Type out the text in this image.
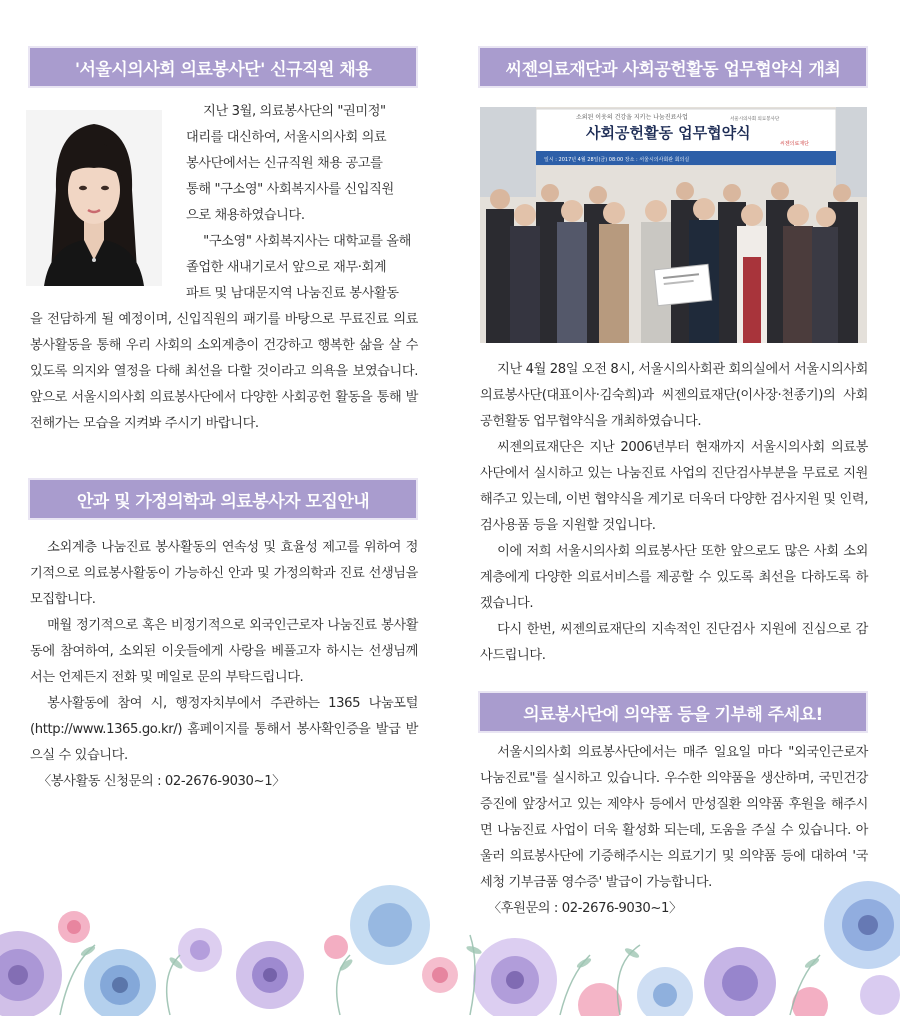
'서울시의사회 의료봉사단' 신규직원 채용
지난 3월, 의료봉사단의 "권미정"
대리를 대신하여, 서울시의사회 의료
봉사단에서는 신규직원 채용 공고를
통해 "구소영" 사회복지사를 신입직원
으로 채용하였습니다.
"구소영" 사회복지사는 대학교를 올해
졸업한 새내기로서 앞으로 재무·회계
파트 및 남대문지역 나눔진료 봉사활동

을 전담하게 될 예정이며, 신입직원의 패기를 바탕으로 무료진료 의료봉사활동을 통해 우리 사회의 소외계층이 건강하고 행복한 삶을 살 수 있도록 의지와 열정을 다해 최선을 다할 것이라고 의욕을 보였습니다. 앞으로 서울시의사회 의료봉사단에서 다양한 사회공헌 활동을 통해 발전해가는 모습을 지켜봐 주시기 바랍니다.

안과 및 가정의학과 의료봉사자 모집안내

소외계층 나눔진료 봉사활동의 연속성 및 효율성 제고를 위하여 정기적으로 의료봉사활동이 가능하신 안과 및 가정의학과 진료 선생님을 모집합니다.

매월 정기적으로 혹은 비정기적으로 외국인근로자 나눔진료 봉사활동에 참여하여, 소외된 이웃들에게 사랑을 베풀고자 하시는 선생님께서는 언제든지 전화 및 메일로 문의 부탁드립니다.

봉사활동에 참여 시, 행정자치부에서 주관하는 1365 나눔포털(http://www.1365.go.kr/) 홈페이지를 통해서 봉사확인증을 발급 받으실 수 있습니다.

〈봉사활동 신청문의 : 02-2676-9030~1〉

씨젠의료재단과 사회공헌활동 업무협약식 개최
소외된 이웃의 건강을 지키는 나눔진료사업
사회공헌활동 업무협약식
서울시의사회 의료봉사단
씨젠의료재단
일시 : 2017년 4월 28일(금) 08:00 장소 : 서울시의사회관 회의실

지난 4월 28일 오전 8시, 서울시의사회관 회의실에서 서울시의사회 의료봉사단(대표이사·김숙희)과 씨젠의료재단(이사장·천종기)의 사회공헌활동 업무협약식을 개최하였습니다.

씨젠의료재단은 지난 2006년부터 현재까지 서울시의사회 의료봉사단에서 실시하고 있는 나눔진료 사업의 진단검사부분을 무료로 지원해주고 있는데, 이번 협약식을 계기로 더욱더 다양한 검사지원 및 인력, 검사용품 등을 지원할 것입니다.

이에 저희 서울시의사회 의료봉사단 또한 앞으로도 많은 사회 소외계층에게 다양한 의료서비스를 제공할 수 있도록 최선을 다하도록 하겠습니다.

다시 한번, 씨젠의료재단의 지속적인 진단검사 지원에 진심으로 감사드립니다.

의료봉사단에 의약품 등을 기부해 주세요!

서울시의사회 의료봉사단에서는 매주 일요일 마다 "외국인근로자 나눔진료"를 실시하고 있습니다. 우수한 의약품을 생산하며, 국민건강증진에 앞장서고 있는 제약사 등에서 만성질환 의약품 후원을 해주시면 나눔진료 사업이 더욱 활성화 되는데, 도움을 주실 수 있습니다. 아울러 의료봉사단에 기증해주시는 의료기기 및 의약품 등에 대하여 '국세청 기부금품 영수증' 발급이 가능합니다.

〈후원문의 : 02-2676-9030~1〉
